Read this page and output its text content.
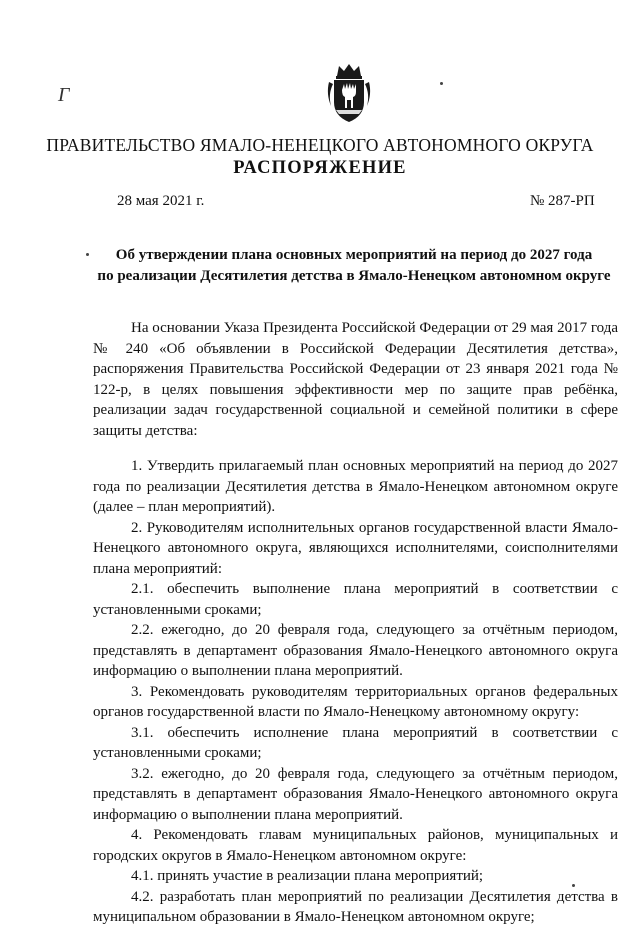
Г
ПРАВИТЕЛЬСТВО ЯМАЛО-НЕНЕЦКОГО АВТОНОМНОГО ОКРУГА
РАСПОРЯЖЕНИЕ
28 мая 2021 г.	№ 287-РП
Об утверждении плана основных мероприятий на период до 2027 года
по реализации Десятилетия детства в Ямало-Ненецком автономном округе

На основании Указа Президента Российской Федерации от 29 мая 2017 года № 240 «Об объявлении в Российской Федерации Десятилетия детства», распоряжения Правительства Российской Федерации от 23 января 2021 года № 122-р, в целях повышения эффективности мер по защите прав ребёнка, реализации задач государственной социальной и семейной политики в сфере защиты детства:

1. Утвердить прилагаемый план основных мероприятий на период до 2027 года по реализации Десятилетия детства в Ямало-Ненецком автономном округе (далее – план мероприятий).

2. Руководителям исполнительных органов государственной власти Ямало-Ненецкого автономного округа, являющихся исполнителями, соисполнителями плана мероприятий:

2.1. обеспечить выполнение плана мероприятий в соответствии с установленными сроками;

2.2. ежегодно, до 20 февраля года, следующего за отчётным периодом, представлять в департамент образования Ямало-Ненецкого автономного округа информацию о выполнении плана мероприятий.

3. Рекомендовать руководителям территориальных органов федеральных органов государственной власти по Ямало-Ненецкому автономному округу:

3.1. обеспечить исполнение плана мероприятий в соответствии с установленными сроками;

3.2. ежегодно, до 20 февраля года, следующего за отчётным периодом, представлять в департамент образования Ямало-Ненецкого автономного округа информацию о выполнении плана мероприятий.

4. Рекомендовать главам муниципальных районов, муниципальных и городских округов в Ямало-Ненецком автономном округе:

4.1. принять участие в реализации плана мероприятий;

4.2. разработать план мероприятий по реализации Десятилетия детства в муниципальном образовании в Ямало-Ненецком автономном округе;
